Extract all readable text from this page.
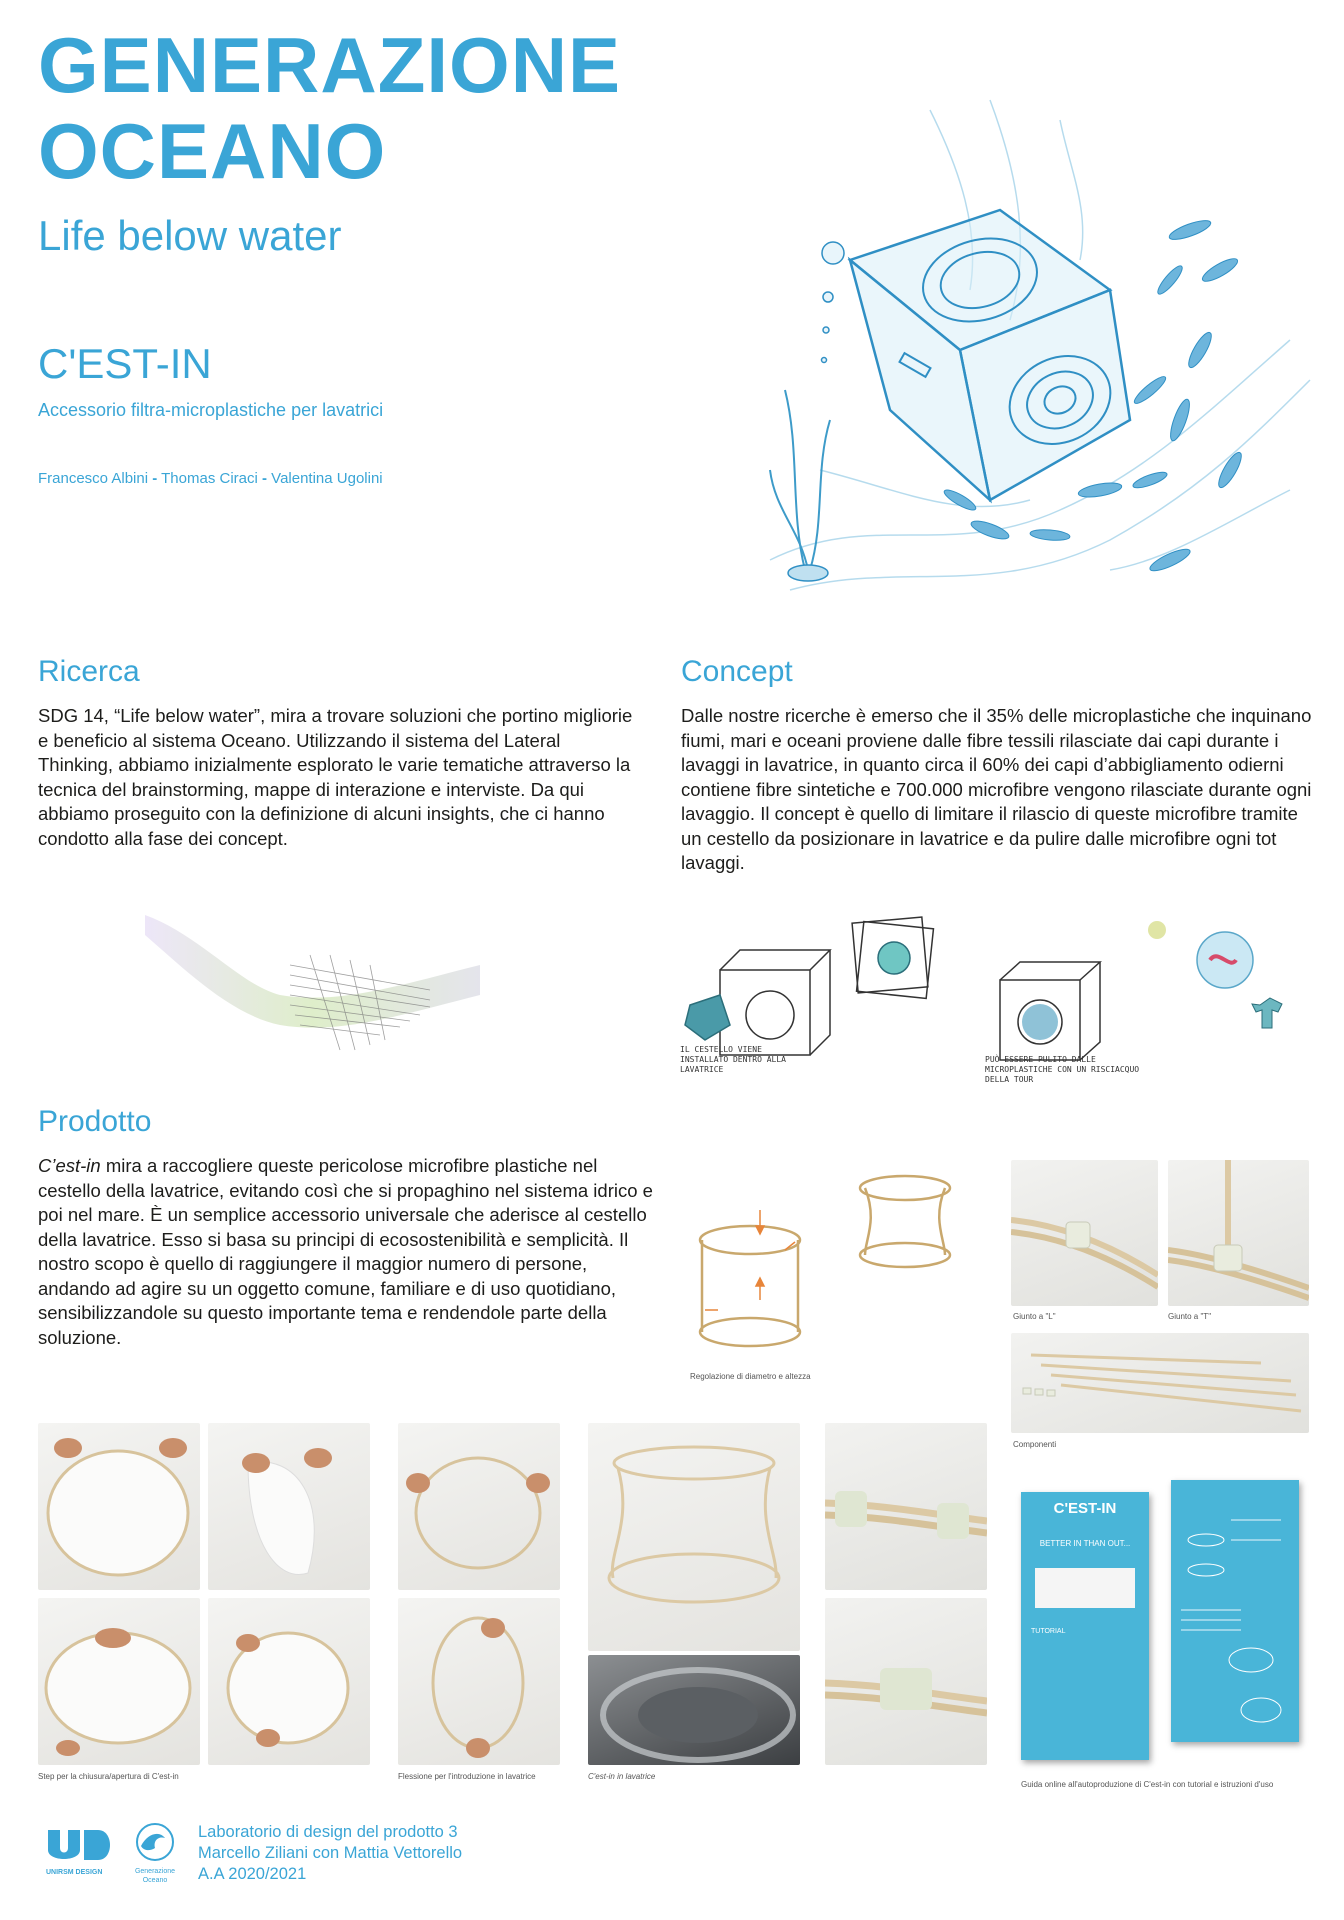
GENERAZIONE
OCEANO
Life below water
C'EST-IN
Accessorio filtra-microplastiche per lavatrici
Francesco Albini - Thomas Ciraci - Valentina Ugolini
Ricerca
SDG 14, “Life below water”, mira a trovare soluzioni che portino migliorie e beneficio al sistema Oceano. Utilizzando il sistema del Lateral Thinking, abbiamo inizialmente esplorato le varie tematiche attraverso la tecnica del brainstorming, mappe di interazione e interviste. Da qui abbiamo proseguito con la definizione di alcuni insights, che ci hanno condotto alla fase dei concept.
Concept
Dalle nostre ricerche è emerso che il 35% delle microplastiche che inquinano fiumi, mari e oceani proviene dalle fibre tessili rilasciate dai capi durante i lavaggi in lavatrice, in quanto circa il 60% dei capi d’abbigliamento odierni contiene fibre sintetiche e 700.000 microfibre vengono rilasciate durante ogni lavaggio. Il concept è quello di limitare il rilascio di queste microfibre tramite un cestello da posizionare in lavatrice e da pulire dalle microfibre ogni tot lavaggi.
IL CESTELLO VIENE INSTALLATO DENTRO ALLA LAVATRICE
PUÒ ESSERE PULITO DALLE MICROPLASTICHE CON UN RISCIACQUO DELLA TOUR
Prodotto
C’est-in mira a raccogliere queste pericolose microfibre plastiche nel cestello della lavatrice, evitando così che si propaghino nel sistema idrico e poi nel mare. È un semplice accessorio universale che aderisce al cestello della lavatrice. Esso si basa su principi di ecosostenibilità e semplicità. Il nostro scopo è quello di raggiungere il maggior numero di persone, andando ad agire su un oggetto comune, familiare e di uso quotidiano, sensibilizzandole su questo importante tema e rendendole parte della soluzione.
Regolazione di diametro e altezza
Giunto a "L"	Giunto a "T"
Componenti
Step per la chiusura/apertura di C'est-in	Flessione per l'introduzione in lavatrice	C'est-in in lavatrice
C'EST-IN
BETTER IN THAN OUT...
TUTORIAL
Guida online all'autoproduzione di C'est-in con tutorial e istruzioni d'uso
UNIRSM DESIGN	Generazione
Oceano
Laboratorio di design del prodotto 3
Marcello Ziliani con Mattia Vettorello
A.A 2020/2021
